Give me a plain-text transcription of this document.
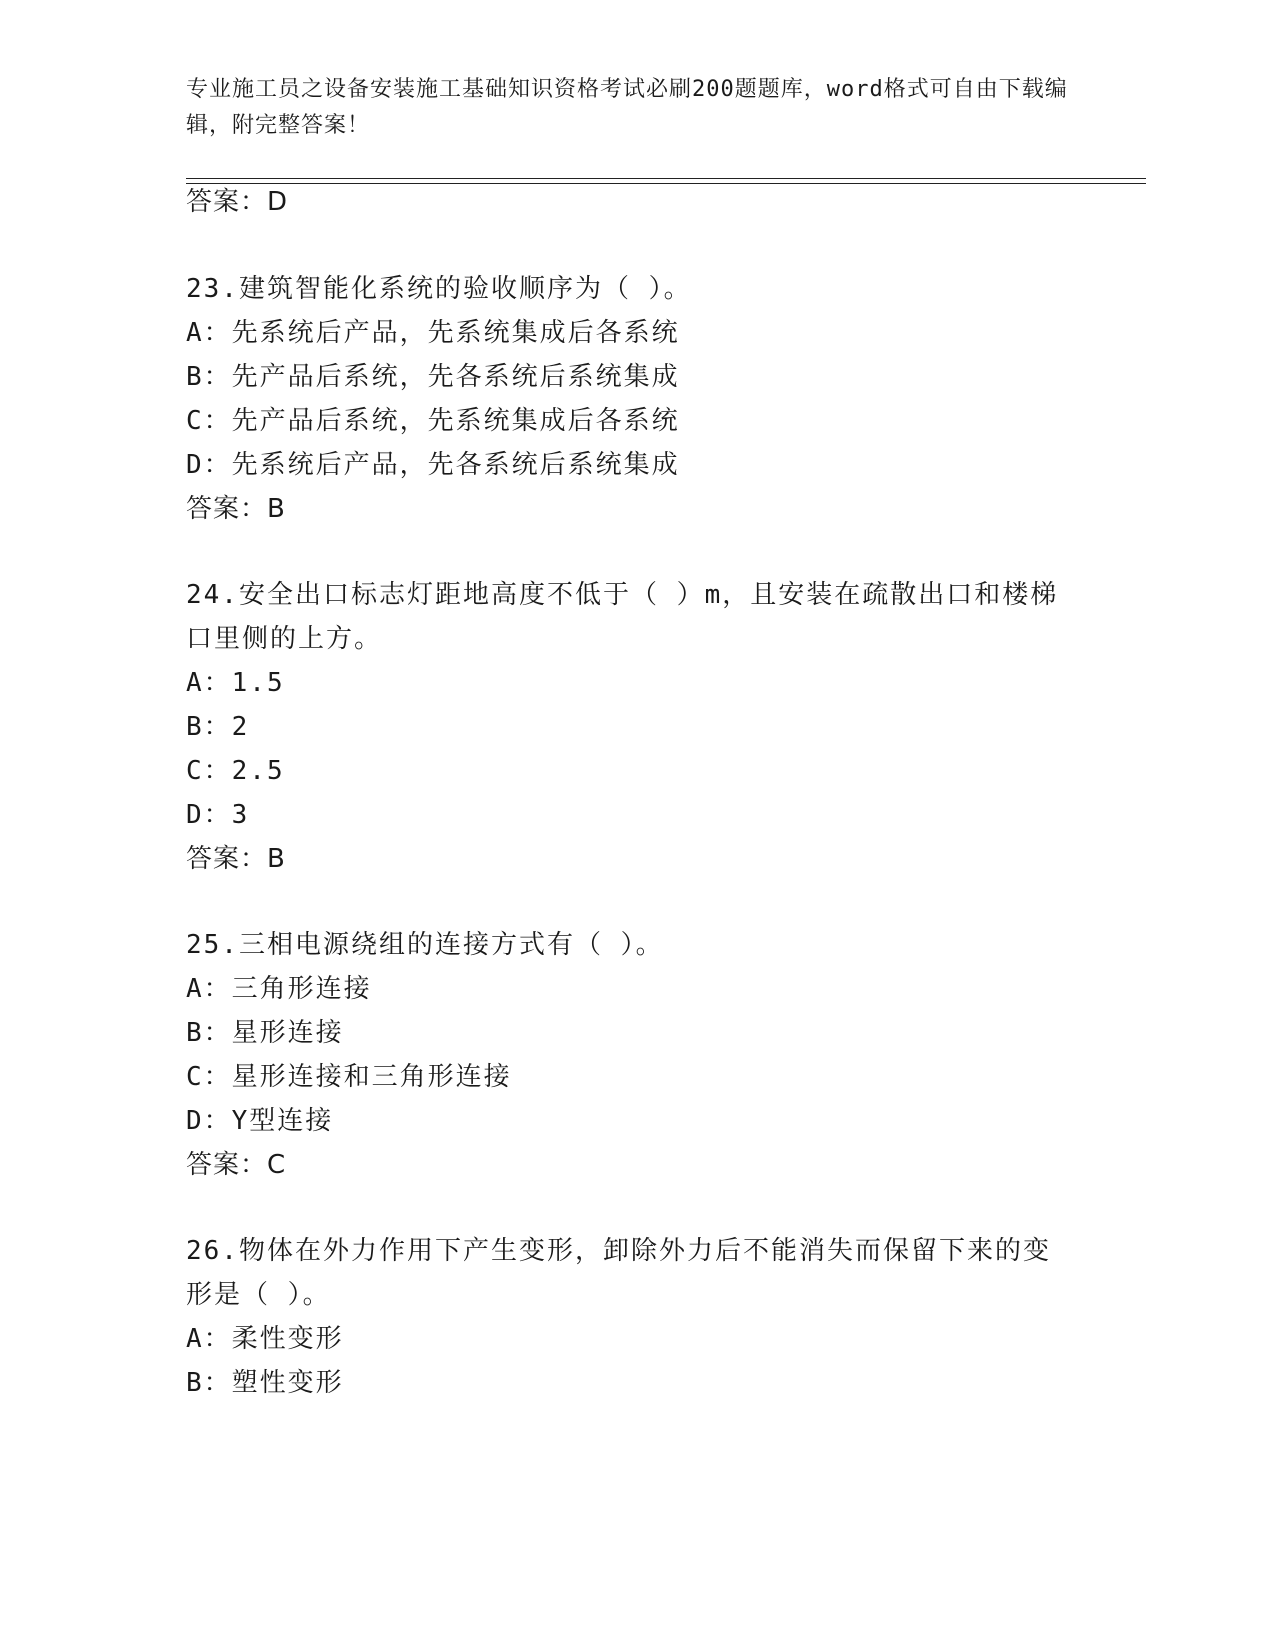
专业施工员之设备安装施工基础知识资格考试必刷200题题库，word格式可自由下载编辑，附完整答案！

答案：D
23.建筑智能化系统的验收顺序为（ ）。
A：先系统后产品，先系统集成后各系统
B：先产品后系统，先各系统后系统集成
C：先产品后系统，先系统集成后各系统
D：先系统后产品，先各系统后系统集成
答案：B
24.安全出口标志灯距地高度不低于（ ）m，且安装在疏散出口和楼梯
口里侧的上方。
A：1.5
B：2
C：2.5
D：3
答案：B
25.三相电源绕组的连接方式有（ ）。
A：三角形连接
B：星形连接
C：星形连接和三角形连接
D：Y型连接
答案：C
26.物体在外力作用下产生变形，卸除外力后不能消失而保留下来的变
形是（ ）。
A：柔性变形
B：塑性变形
